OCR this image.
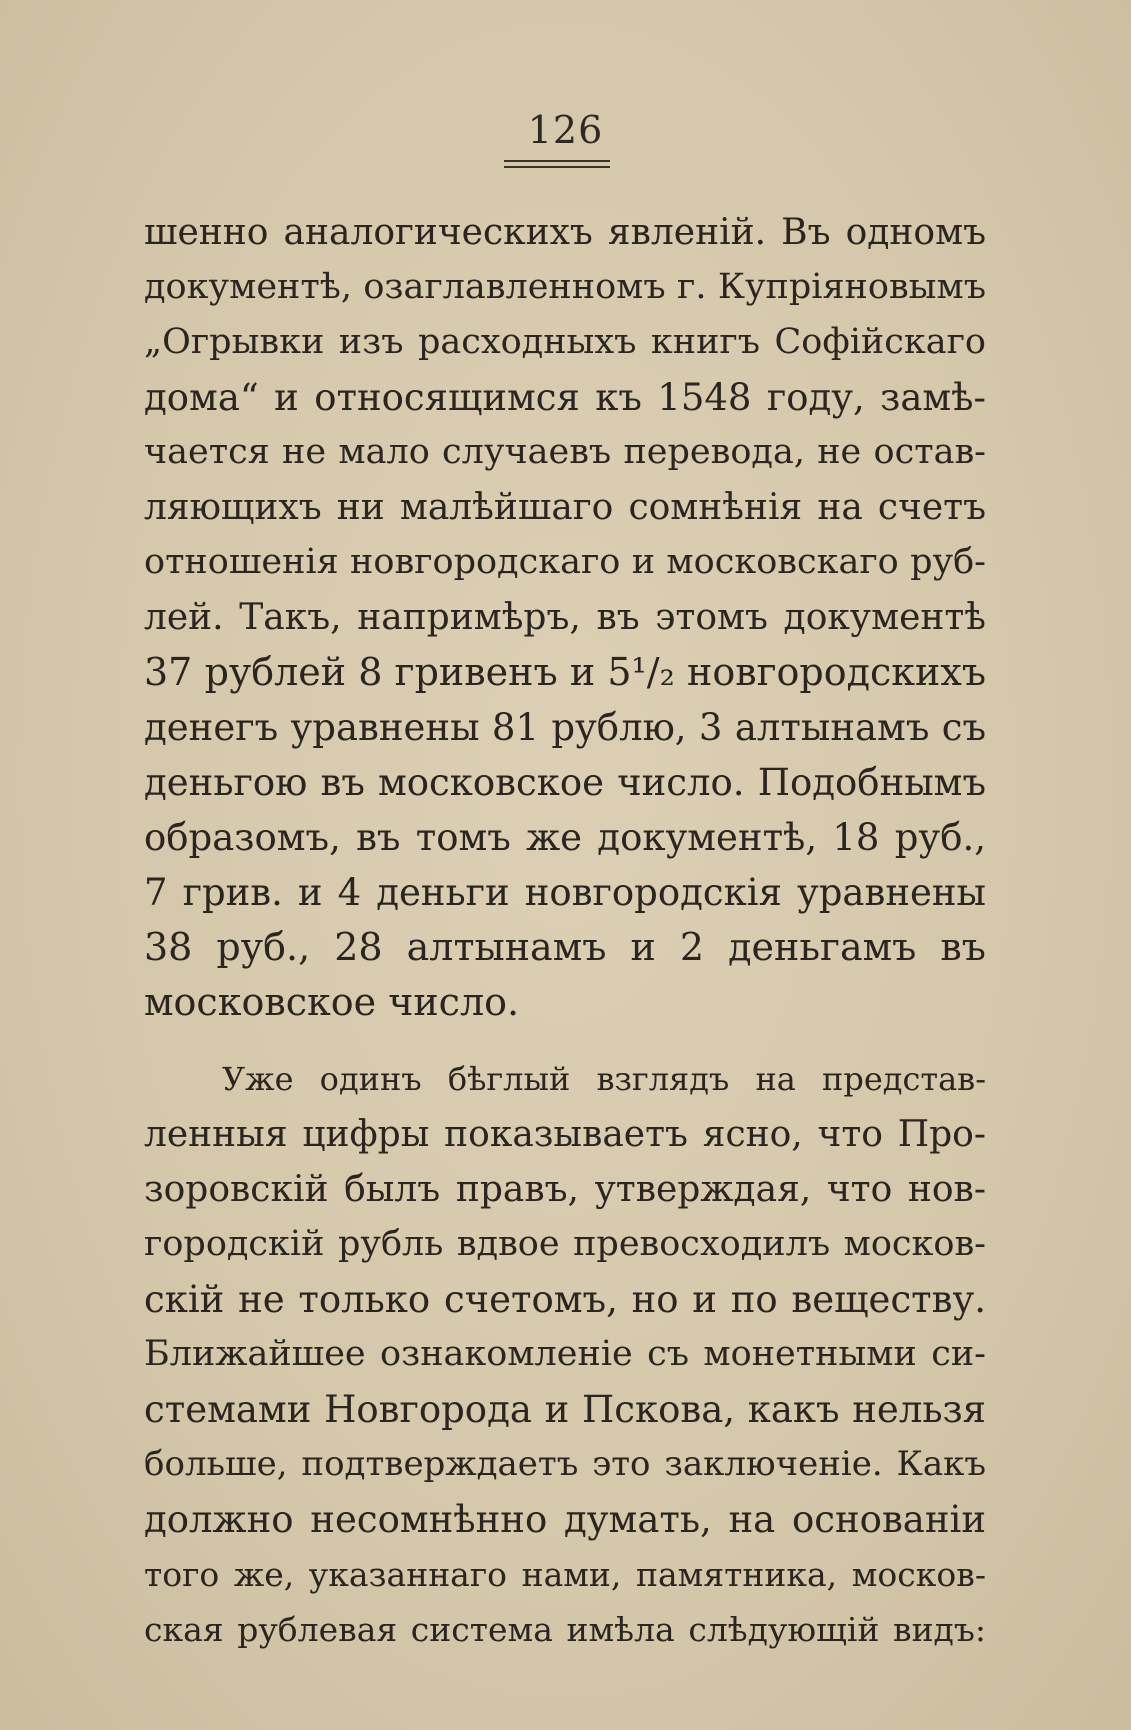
126
шенно аналогическихъ явленій. Въ одномъ
документѣ, озаглавленномъ г. Купріяновымъ
„Огрывки изъ расходныхъ книгъ Софійскаго
дома“ и относящимся къ 1548 году, замѣ-
чается не мало случаевъ перевода, не остав-
ляющихъ ни малѣйшаго сомнѣнія на счетъ
отношенія новгородскаго и московскаго руб-
лей. Такъ, напримѣръ, въ этомъ документѣ
37 рублей 8 гривенъ и 5¹/₂ новгородскихъ
денегъ уравнены 81 рублю, 3 алтынамъ съ
деньгою въ московское число. Подобнымъ
образомъ, въ томъ же документѣ, 18 руб.,
7 грив. и 4 деньги новгородскія уравнены
38 руб., 28 алтынамъ и 2 деньгамъ въ
московское число.
Уже одинъ бѣглый взглядъ на представ-
ленныя цифры показываетъ ясно, что Про-
зоровскій былъ правъ, утверждая, что нов-
городскій рубль вдвое превосходилъ москов-
скій не только счетомъ, но и по веществу.
Ближайшее ознакомленіе съ монетными си-
стемами Новгорода и Пскова, какъ нельзя
больше, подтверждаетъ это заключеніе. Какъ
должно несомнѣнно думать, на основаніи
того же, указаннаго нами, памятника, москов-
ская рублевая система имѣла слѣдующій видъ:
